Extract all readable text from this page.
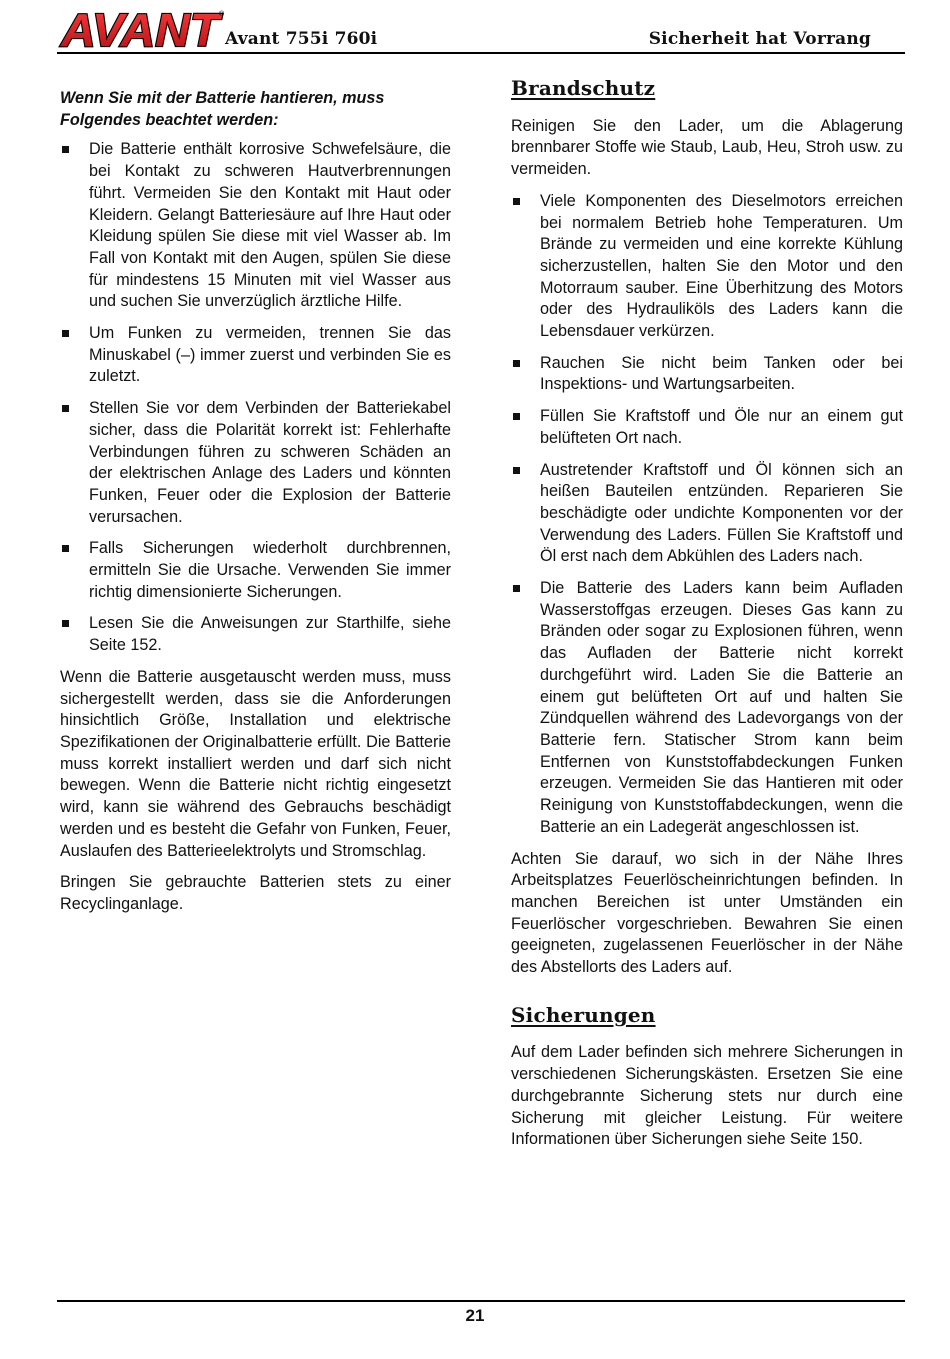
AVANT
®
Avant 755i 760i	Sicherheit hat Vorrang

Wenn Sie mit der Batterie hantieren, muss Folgendes beachtet werden:

Die Batterie enthält korrosive Schwefelsäure, die bei Kontakt zu schweren Hautverbrennungen führt. Vermeiden Sie den Kontakt mit Haut oder Kleidern. Gelangt Batteriesäure auf Ihre Haut oder Kleidung spülen Sie diese mit viel Wasser ab. Im Fall von Kontakt mit den Augen, spülen Sie diese für mindestens 15 Minuten mit viel Wasser aus und suchen Sie unverzüglich ärztliche Hilfe.
Um Funken zu vermeiden, trennen Sie das Minuskabel (–) immer zuerst und verbinden Sie es zuletzt.
Stellen Sie vor dem Verbinden der Batteriekabel sicher, dass die Polarität korrekt ist: Fehlerhafte Verbindungen führen zu schweren Schäden an der elektrischen Anlage des Laders und könnten Funken, Feuer oder die Explosion der Batterie verursachen.
Falls Sicherungen wiederholt durchbrennen, ermitteln Sie die Ursache. Verwenden Sie immer richtig dimensionierte Sicherungen.
Lesen Sie die Anweisungen zur Starthilfe, siehe Seite 152.

Wenn die Batterie ausgetauscht werden muss, muss sichergestellt werden, dass sie die Anforderungen hinsichtlich Größe, Installation und elektrische Spezifikationen der Originalbatterie erfüllt. Die Batterie muss korrekt installiert werden und darf sich nicht bewegen. Wenn die Batterie nicht richtig eingesetzt wird, kann sie während des Gebrauchs beschädigt werden und es besteht die Gefahr von Funken, Feuer, Auslaufen des Batterieelektrolyts und Stromschlag.

Bringen Sie gebrauchte Batterien stets zu einer Recyclinganlage.

Brandschutz

Reinigen Sie den Lader, um die Ablagerung brennbarer Stoffe wie Staub, Laub, Heu, Stroh usw. zu vermeiden.

Viele Komponenten des Dieselmotors erreichen bei normalem Betrieb hohe Temperaturen. Um Brände zu vermeiden und eine korrekte Kühlung sicherzustellen, halten Sie den Motor und den Motorraum sauber. Eine Überhitzung des Motors oder des Hydrauliköls des Laders kann die Lebensdauer verkürzen.
Rauchen Sie nicht beim Tanken oder bei Inspektions- und Wartungsarbeiten.
Füllen Sie Kraftstoff und Öle nur an einem gut belüfteten Ort nach.
Austretender Kraftstoff und Öl können sich an heißen Bauteilen entzünden. Reparieren Sie beschädigte oder undichte Komponenten vor der Verwendung des Laders. Füllen Sie Kraftstoff und Öl erst nach dem Abkühlen des Laders nach.
Die Batterie des Laders kann beim Aufladen Wasserstoffgas erzeugen. Dieses Gas kann zu Bränden oder sogar zu Explosionen führen, wenn das Aufladen der Batterie nicht korrekt durchgeführt wird. Laden Sie die Batterie an einem gut belüfteten Ort auf und halten Sie Zündquellen während des Ladevorgangs von der Batterie fern. Statischer Strom kann beim Entfernen von Kunststoffabdeckungen Funken erzeugen. Vermeiden Sie das Hantieren mit oder Reinigung von Kunststoffabdeckungen, wenn die Batterie an ein Ladegerät angeschlossen ist.

Achten Sie darauf, wo sich in der Nähe Ihres Arbeitsplatzes Feuerlöscheinrichtungen befinden. In manchen Bereichen ist unter Umständen ein Feuerlöscher vorgeschrieben. Bewahren Sie einen geeigneten, zugelassenen Feuerlöscher in der Nähe des Abstellorts des Laders auf.

Sicherungen

Auf dem Lader befinden sich mehrere Sicherungen in verschiedenen Sicherungskästen. Ersetzen Sie eine durchgebrannte Sicherung stets nur durch eine Sicherung mit gleicher Leistung. Für weitere Informationen über Sicherungen siehe Seite 150.

21
